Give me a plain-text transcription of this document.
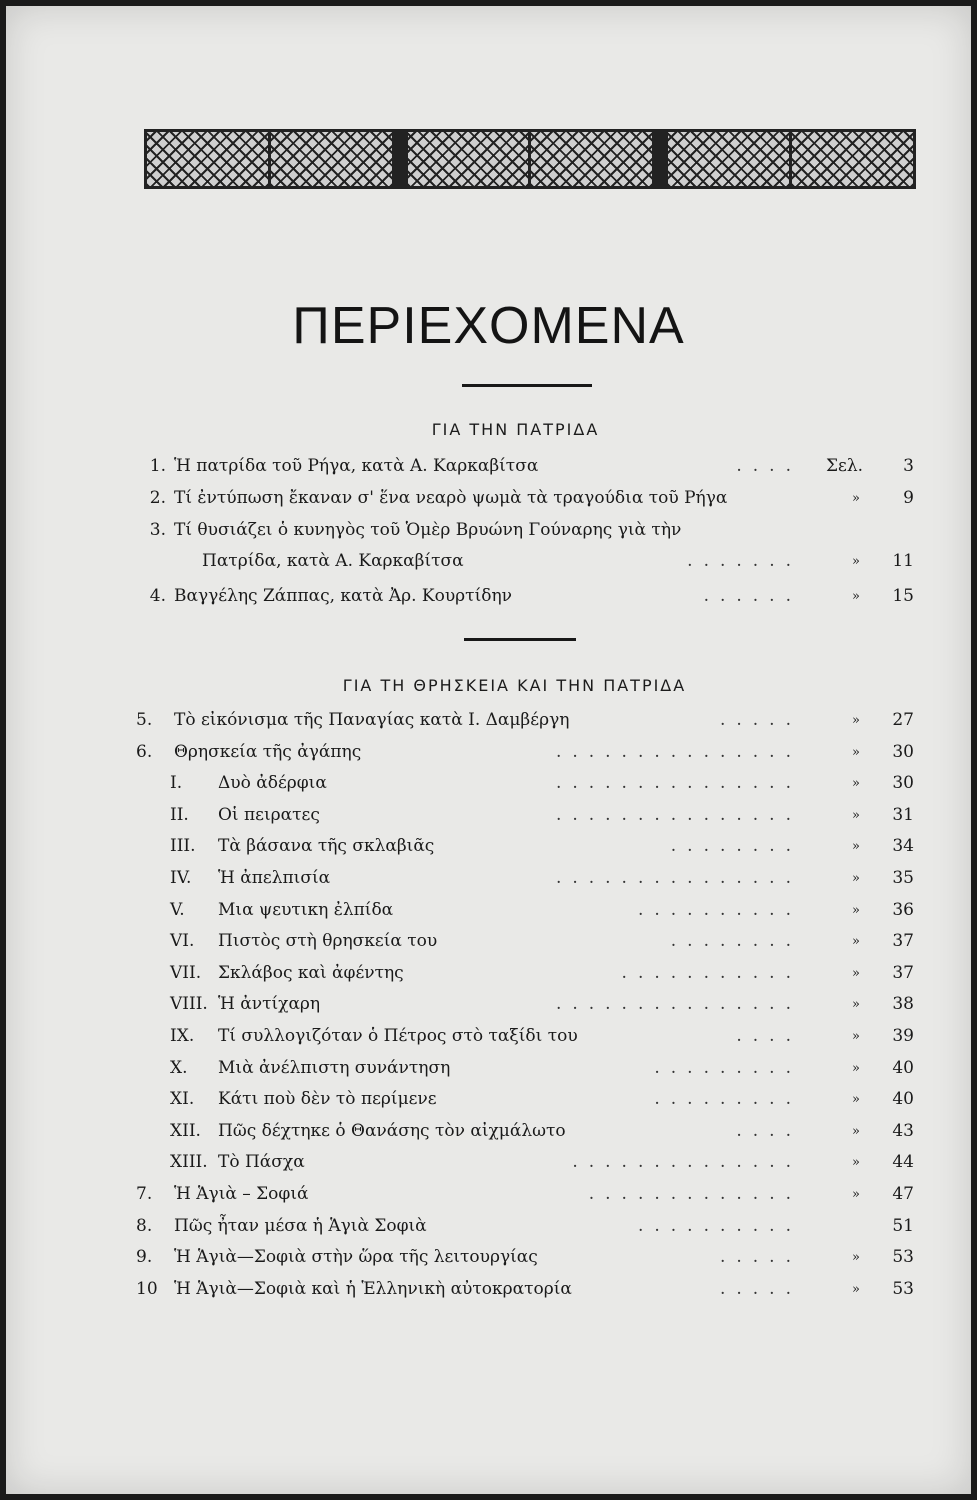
ΠΕΡΙΕΧΟΜΕΝΑ
ΓΙΑ ΤΗΝ ΠΑΤΡΙΔΑ
1. Ἡ πατρίδα τοῦ Ρήγα, κατὰ Α. Καρκαβίτσα	.... Σελ. 3
2. Τί ἐντύπωση ἔκαναν σ' ἕνα νεαρὸ ψωμὰ τὰ τραγούδια τοῦ Ρήγα	»	9
3. Τί θυσιάζει ὁ κυνηγὸς τοῦ Ὁμὲρ Βρυώνη Γούναρης γιὰ τὴν
Πατρίδα, κατὰ Α. Καρκαβίτσα	.......	» 11
4. Βαγγέλης Ζάππας, κατὰ Ἀρ. Κουρτίδην	......	» 15
ΓΙΑ ΤΗ ΘΡΗΣΚΕΙΑ ΚΑΙ ΤΗΝ ΠΑΤΡΙΔΑ
5. Τὸ εἰκόνισμα τῆς Παναγίας κατὰ Ι. Δαμβέργη	.....	» 27
6. Θρησκεία τῆς ἀγάπης	...............	» 30
I. Δυὸ ἀδέρφια	...............	» 30
II. Οἱ πειρατες	...............	» 31
III. Τὰ βάσανα τῆς σκλαβιᾶς	........	» 34
IV. Ἡ ἀπελπισία	...............	» 35
V. Μια ψευτικη ἐλπίδα	..........	» 36
VI. Πιστὸς στὴ θρησκεία του	........	» 37
VII. Σκλάβος καὶ ἀφέντης	...........	» 37
VIII. Ἡ ἀντίχαρη	...............	» 38
IX. Τί συλλογιζόταν ὁ Πέτρος στὸ ταξίδι του	....	» 39
X. Μιὰ ἀνέλπιστη συνάντηση	.........	» 40
XI. Κάτι ποὺ δὲν τὸ περίμενε	.........	» 40
XII. Πῶς δέχτηκε ὁ Θανάσης τὸν αἰχμάλωτο	....	» 43
XIII. Τὸ Πάσχα	..............	» 44
7. Ἡ Ἁγιὰ – Σοφιά	.............	» 47
8. Πῶς ἦταν μέσα ἡ Ἁγιὰ Σοφιὰ	..........	51
9. Ἡ Ἁγιὰ—Σοφιὰ στὴν ὥρα τῆς λειτουργίας	.....	» 53
10 Ἡ Ἁγιὰ—Σοφιὰ καὶ ἡ Ἑλληνικὴ αὐτοκρατορία	.....	» 53
